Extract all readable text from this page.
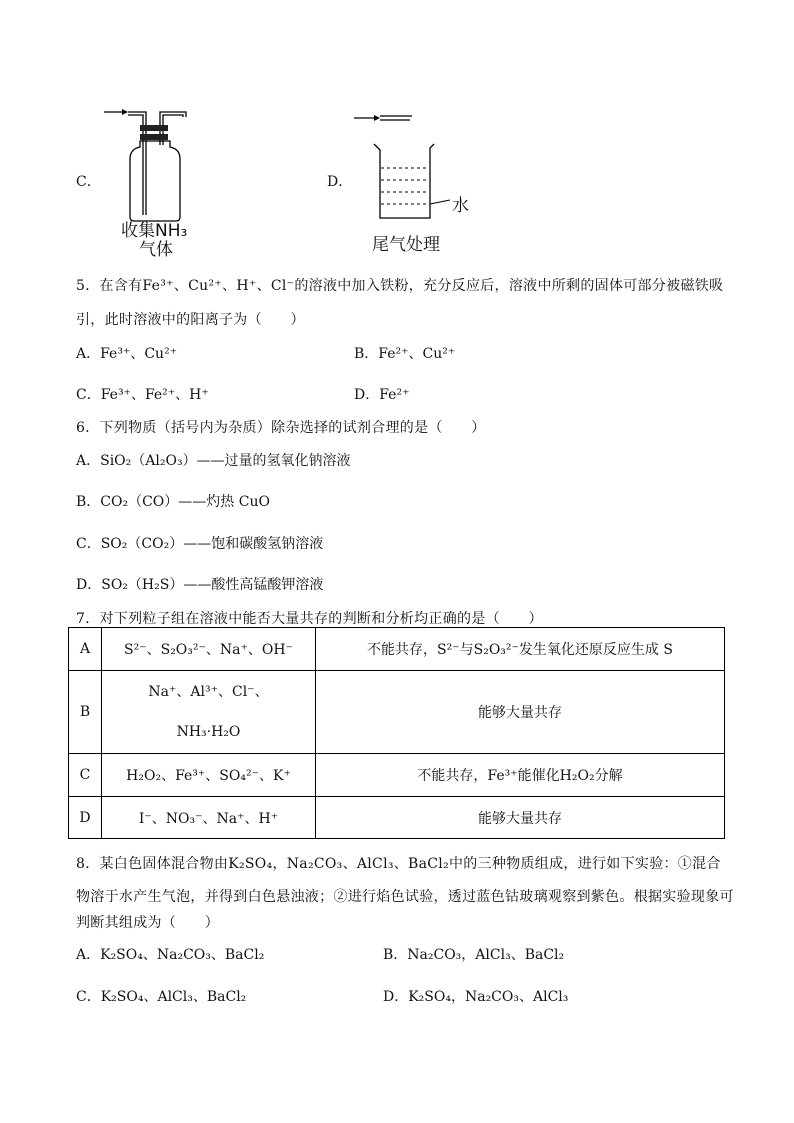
C．
收集NH₃
气体
D．
水
尾气处理
5．在含有Fe³⁺、Cu²⁺、H⁺、Cl⁻的溶液中加入铁粉，充分反应后，溶液中所剩的固体可部分被磁铁吸
引，此时溶液中的阳离子为（　　）
A．Fe³⁺、Cu²⁺	B．Fe²⁺、Cu²⁺
C．Fe³⁺、Fe²⁺、H⁺	D．Fe²⁺
6．下列物质（括号内为杂质）除杂选择的试剂合理的是（　　）
A．SiO₂（Al₂O₃）——过量的氢氧化钠溶液
B．CO₂（CO）——灼热 CuO
C．SO₂（CO₂）——饱和碳酸氢钠溶液
D．SO₂（H₂S）——酸性高锰酸钾溶液
7．对下列粒子组在溶液中能否大量共存的判断和分析均正确的是（　　）
A	S²⁻、S₂O₃²⁻、Na⁺、OH⁻	不能共存，S²⁻与S₂O₃²⁻发生氧化还原反应生成 S
B	Na⁺、Al³⁺、Cl⁻、
NH₃·H₂O	能够大量共存
C	H₂O₂、Fe³⁺、SO₄²⁻、K⁺	不能共存，Fe³⁺能催化H₂O₂分解
D	I⁻、NO₃⁻、Na⁺、H⁺	能够大量共存
8．某白色固体混合物由K₂SO₄，Na₂CO₃、AlCl₃、BaCl₂中的三种物质组成，进行如下实验：①混合
物溶于水产生气泡，并得到白色悬浊液；②进行焰色试验，透过蓝色钴玻璃观察到紫色。根据实验现象可
判断其组成为（　　）
A．K₂SO₄、Na₂CO₃、BaCl₂	B．Na₂CO₃，AlCl₃、BaCl₂
C．K₂SO₄、AlCl₃、BaCl₂	D．K₂SO₄，Na₂CO₃、AlCl₃
